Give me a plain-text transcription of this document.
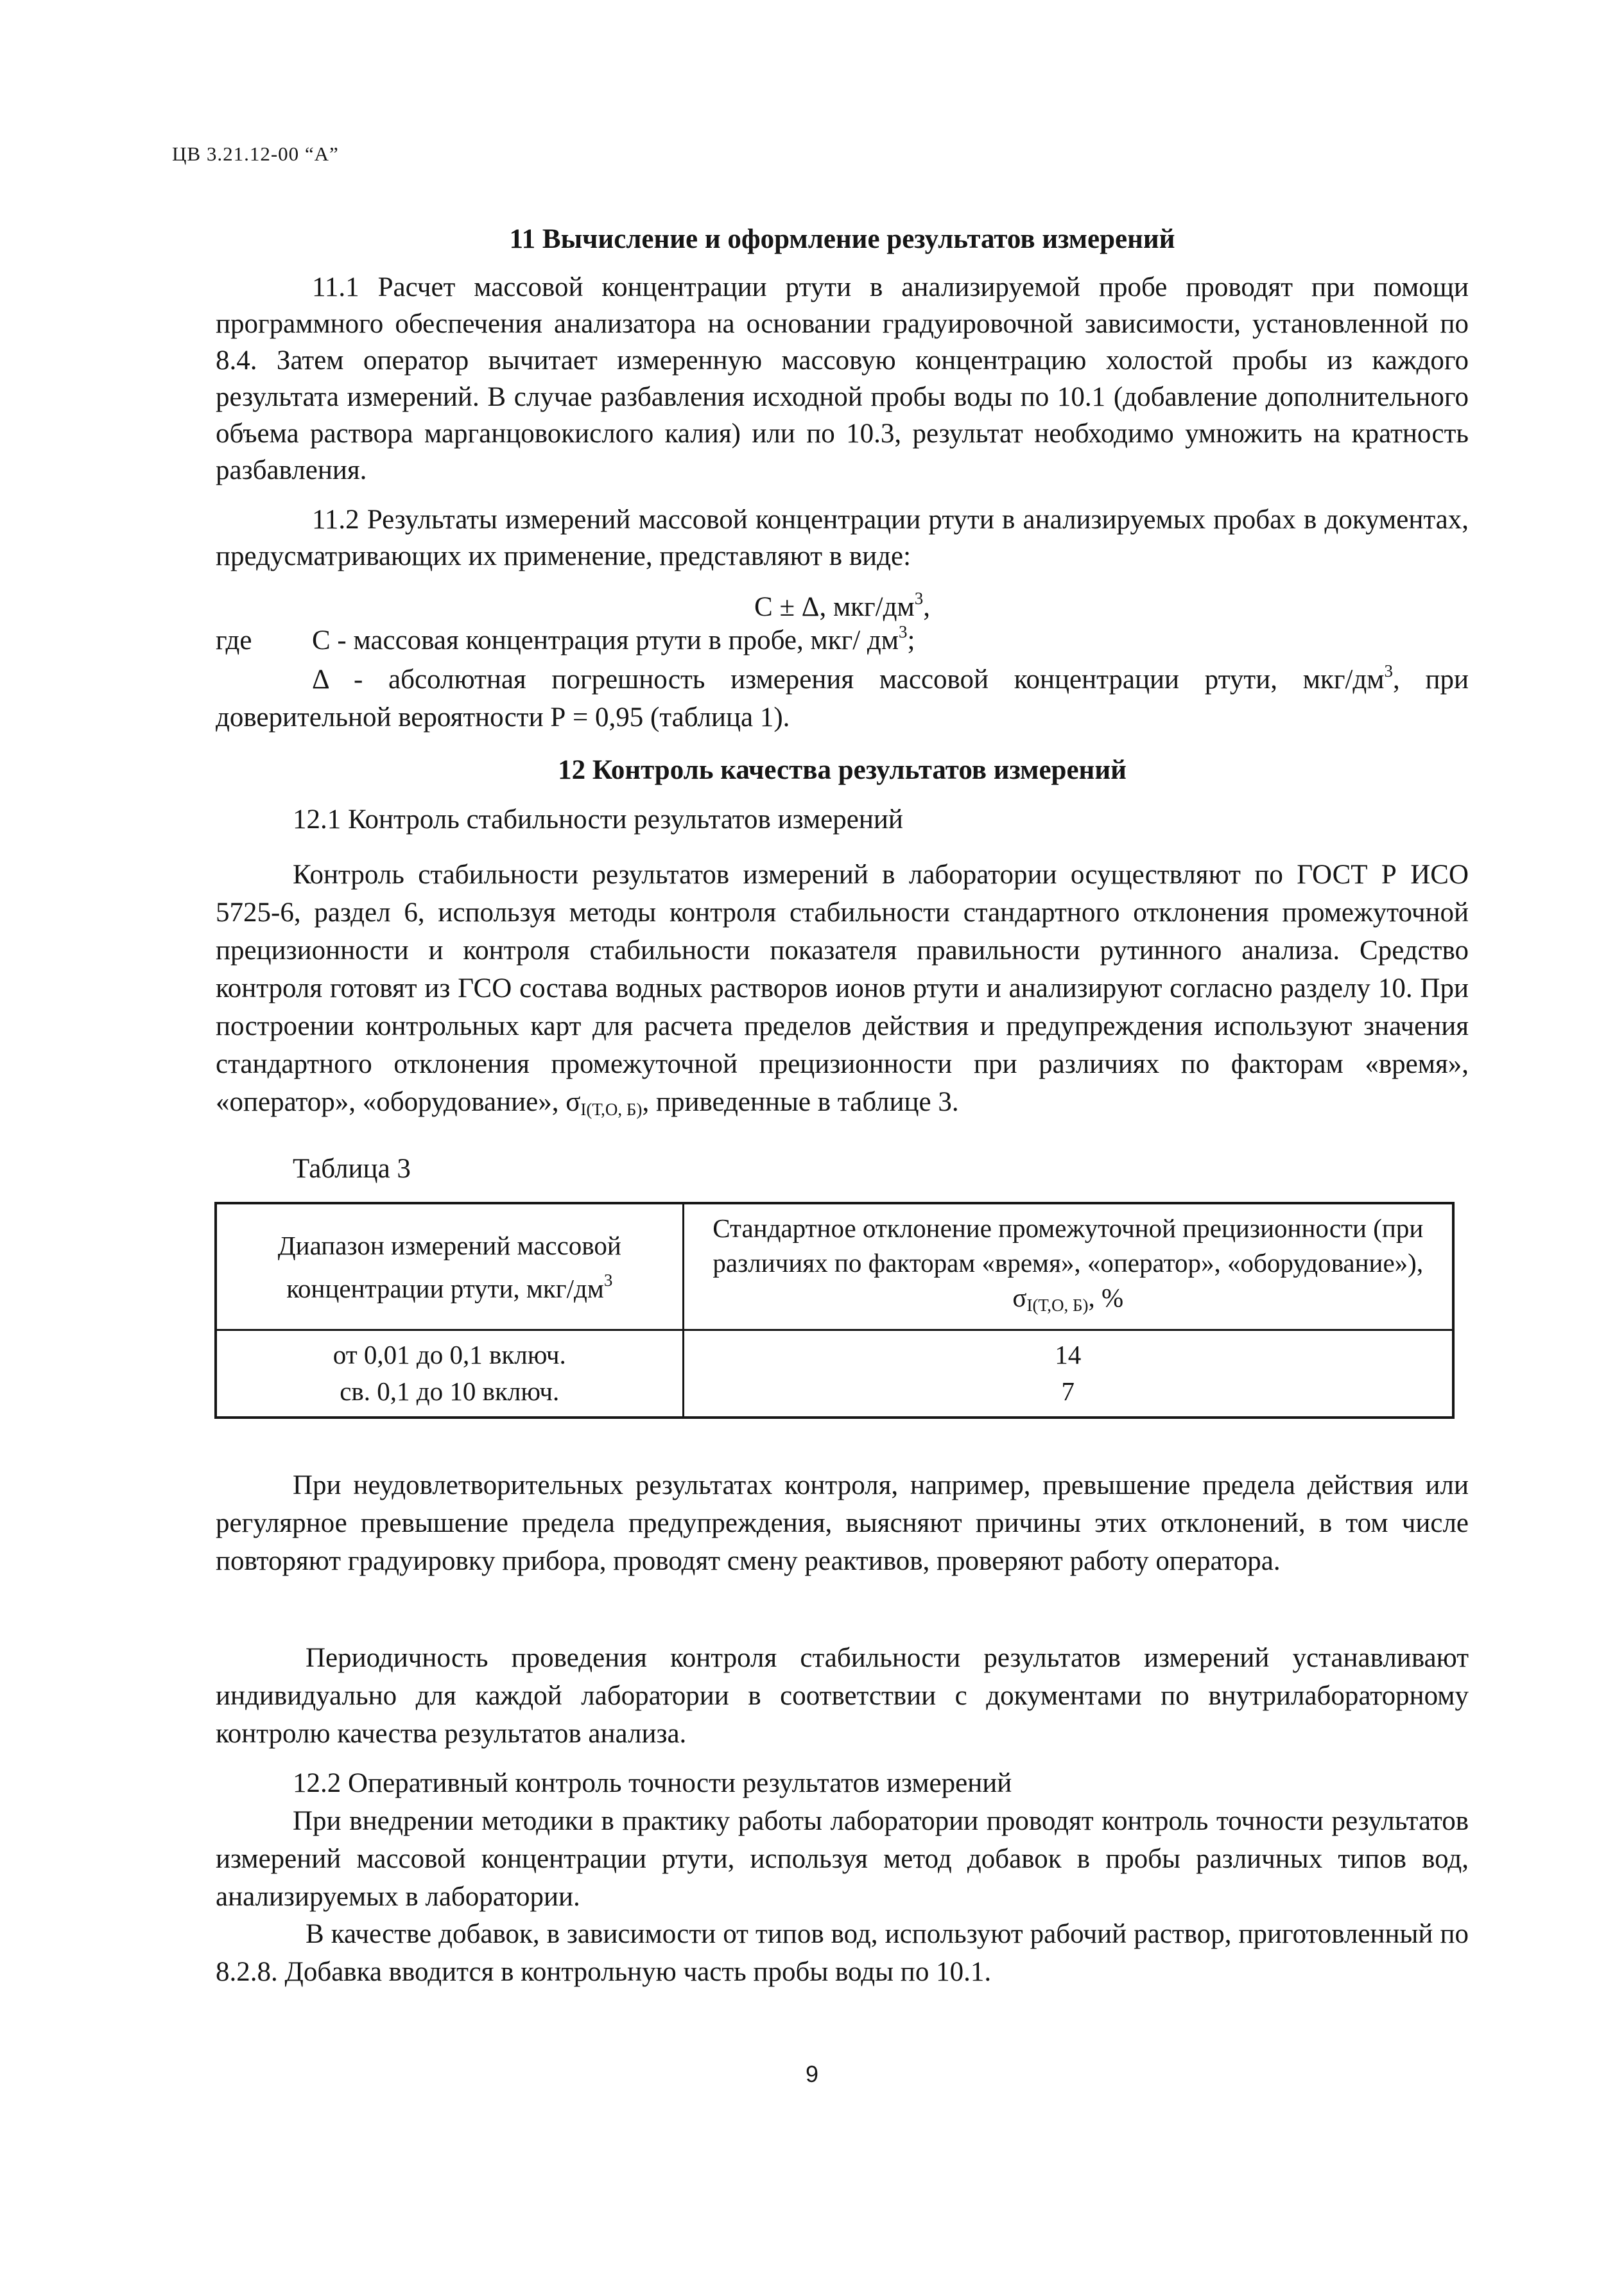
ЦВ 3.21.12-00 “А”
11 Вычисление и оформление результатов измерений
11.1 Расчет массовой концентрации ртути в анализируемой пробе проводят при помощи программного обеспечения анализатора на основании градуировочной зависимости, установленной по 8.4. Затем оператор вычитает измеренную массовую концентрацию холостой пробы из каждого результата измерений. В случае разбавления исходной пробы воды по 10.1 (добавление дополнительного объема раствора марганцовокислого калия) или по 10.3, результат необходимо умножить на кратность разбавления.
11.2 Результаты измерений массовой концентрации ртути в анализируемых пробах в документах, предусматривающих их применение, представляют в виде:
С ± Δ, мкг/$дм^3$,
где С - массовая концентрация ртути в пробе, мкг/ $дм^3$;
Δ - абсолютная погрешность измерения массовой концентрации ртути, мкг/$дм^3$, при доверительной вероятности Р = 0,95 (таблица 1).
12 Контроль качества результатов измерений
12.1 Контроль стабильности результатов измерений
Контроль стабильности результатов измерений в лаборатории осуществляют по ГОСТ Р ИСО 5725-6, раздел 6, используя методы контроля стабильности стандартного отклонения промежуточной прецизионности и контроля стабильности показателя правильности рутинного анализа. Средство контроля готовят из ГСО состава водных растворов ионов ртути и анализируют согласно разделу 10. При построении контрольных карт для расчета пределов действия и предупреждения используют значения стандартного отклонения промежуточной прецизионности при различиях по факторам «время», «оператор», «оборудование», $\sigma_{I(Т,О, Б)}$, приведенные в таблице 3.
Таблица 3
Диапазон измерений массовой концентрации ртути, мкг/$дм^3$	Стандартное отклонение промежуточной прецизионности (при различиях по факторам «время», «оператор», «оборудование»), $\sigma_{I(Т,О, Б)}$, %
от 0,01 до 0,1 включ.	14
св. 0,1 до 10 включ.	7
При неудовлетворительных результатах контроля, например, превышение предела действия или регулярное превышение предела предупреждения, выясняют причины этих отклонений, в том числе повторяют градуировку прибора, проводят смену реактивов, проверяют работу оператора.
Периодичность проведения контроля стабильности результатов измерений устанавливают индивидуально для каждой лаборатории в соответствии с документами по внутрилабораторному контролю качества результатов анализа.
12.2 Оперативный контроль точности результатов измерений
При внедрении методики в практику работы лаборатории проводят контроль точности результатов измерений массовой концентрации ртути, используя метод добавок в пробы различных типов вод, анализируемых в лаборатории.
В качестве добавок, в зависимости от типов вод, используют рабочий раствор, приготовленный по 8.2.8. Добавка вводится в контрольную часть пробы воды по 10.1.
9
